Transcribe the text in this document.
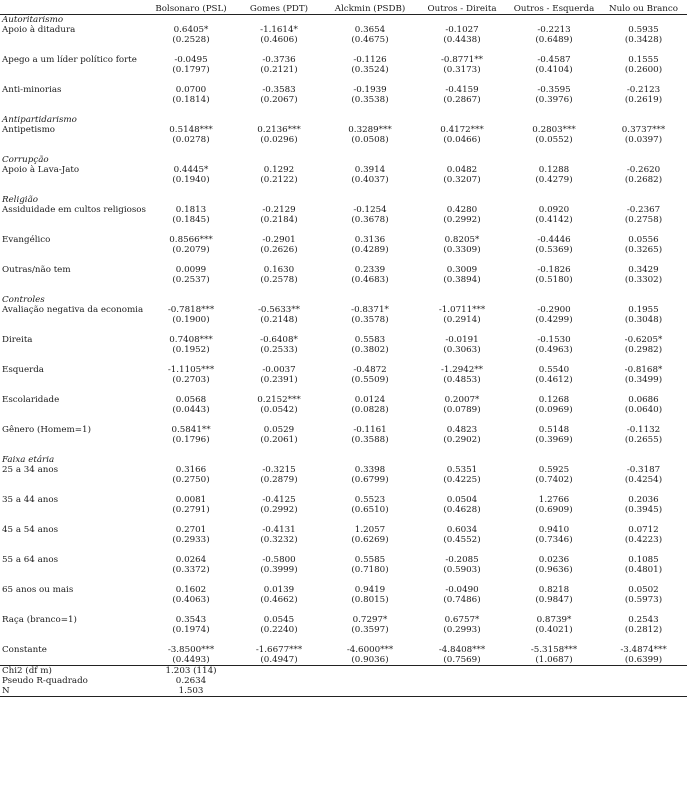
	Bolsonaro (PSL)	Gomes (PDT)	Alckmin (PSDB)	Outros - Direita	Outros - Esquerda	Nulo ou Branco
Autoritarismo						
Apoio à ditadura	0.6405*	-1.1614*	0.3654	-0.1027	-0.2213	0.5935
	(0.2528)	(0.4606)	(0.4675)	(0.4438)	(0.6489)	(0.3428)

Apego a um líder político forte	-0.0495	-0.3736	-0.1126	-0.8771**	-0.4587	0.1555
	(0.1797)	(0.2121)	(0.3524)	(0.3173)	(0.4104)	(0.2600)

Anti-minorias	0.0700	-0.3583	-0.1939	-0.4159	-0.3595	-0.2123
	(0.1814)	(0.2067)	(0.3538)	(0.2867)	(0.3976)	(0.2619)

Antipartidarismo						
Antipetismo	0.5148***	0.2136***	0.3289***	0.4172***	0.2803***	0.3737***
	(0.0278)	(0.0296)	(0.0508)	(0.0466)	(0.0552)	(0.0397)

Corrupção						
Apoio à Lava-Jato	0.4445*	0.1292	0.3914	0.0482	0.1288	-0.2620
	(0.1940)	(0.2122)	(0.4037)	(0.3207)	(0.4279)	(0.2682)

Religião						
Assiduidade em cultos religiosos	0.1813	-0.2129	-0.1254	0.4280	0.0920	-0.2367
	(0.1845)	(0.2184)	(0.3678)	(0.2992)	(0.4142)	(0.2758)

Evangélico	0.8566***	-0.2901	0.3136	0.8205*	-0.4446	0.0556
	(0.2079)	(0.2626)	(0.4289)	(0.3309)	(0.5369)	(0.3265)

Outras/não tem	0.0099	0.1630	0.2339	0.3009	-0.1826	0.3429
	(0.2537)	(0.2578)	(0.4683)	(0.3894)	(0.5180)	(0.3302)

Controles						
Avaliação negativa da economia	-0.7818***	-0.5633**	-0.8371*	-1.0711***	-0.2900	0.1955
	(0.1900)	(0.2148)	(0.3578)	(0.2914)	(0.4299)	(0.3048)

Direita	0.7408***	-0.6408*	0.5583	-0.0191	-0.1530	-0.6205*
	(0.1952)	(0.2533)	(0.3802)	(0.3063)	(0.4963)	(0.2982)

Esquerda	-1.1105***	-0.0037	-0.4872	-1.2942**	0.5540	-0.8168*
	(0.2703)	(0.2391)	(0.5509)	(0.4853)	(0.4612)	(0.3499)

Escolaridade	0.0568	0.2152***	0.0124	0.2007*	0.1268	0.0686
	(0.0443)	(0.0542)	(0.0828)	(0.0789)	(0.0969)	(0.0640)

Gênero (Homem=1)	0.5841**	0.0529	-0.1161	0.4823	0.5148	-0.1132
	(0.1796)	(0.2061)	(0.3588)	(0.2902)	(0.3969)	(0.2655)

Faixa etária						
25 a 34 anos	0.3166	-0.3215	0.3398	0.5351	0.5925	-0.3187
	(0.2750)	(0.2879)	(0.6799)	(0.4225)	(0.7402)	(0.4254)

35 a 44 anos	0.0081	-0.4125	0.5523	0.0504	1.2766	0.2036
	(0.2791)	(0.2992)	(0.6510)	(0.4628)	(0.6909)	(0.3945)

45 a 54 anos	0.2701	-0.4131	1.2057	0.6034	0.9410	0.0712
	(0.2933)	(0.3232)	(0.6269)	(0.4552)	(0.7346)	(0.4223)

55 a 64 anos	0.0264	-0.5800	0.5585	-0.2085	0.0236	0.1085
	(0.3372)	(0.3999)	(0.7180)	(0.5903)	(0.9636)	(0.4801)

65 anos ou mais	0.1602	0.0139	0.9419	-0.0490	0.8218	0.0502
	(0.4063)	(0.4662)	(0.8015)	(0.7486)	(0.9847)	(0.5973)

Raça (branco=1)	0.3543	0.0545	0.7297*	0.6757*	0.8739*	0.2543
	(0.1974)	(0.2240)	(0.3597)	(0.2993)	(0.4021)	(0.2812)

Constante	-3.8500***	-1.6677***	-4.6000***	-4.8408***	-5.3158***	-3.4874***
	(0.4493)	(0.4947)	(0.9036)	(0.7569)	(1.0687)	(0.6399)
Chi2 (df m)	1.203 (114)					
Pseudo R-quadrado	0.2634					
N	1.503					
